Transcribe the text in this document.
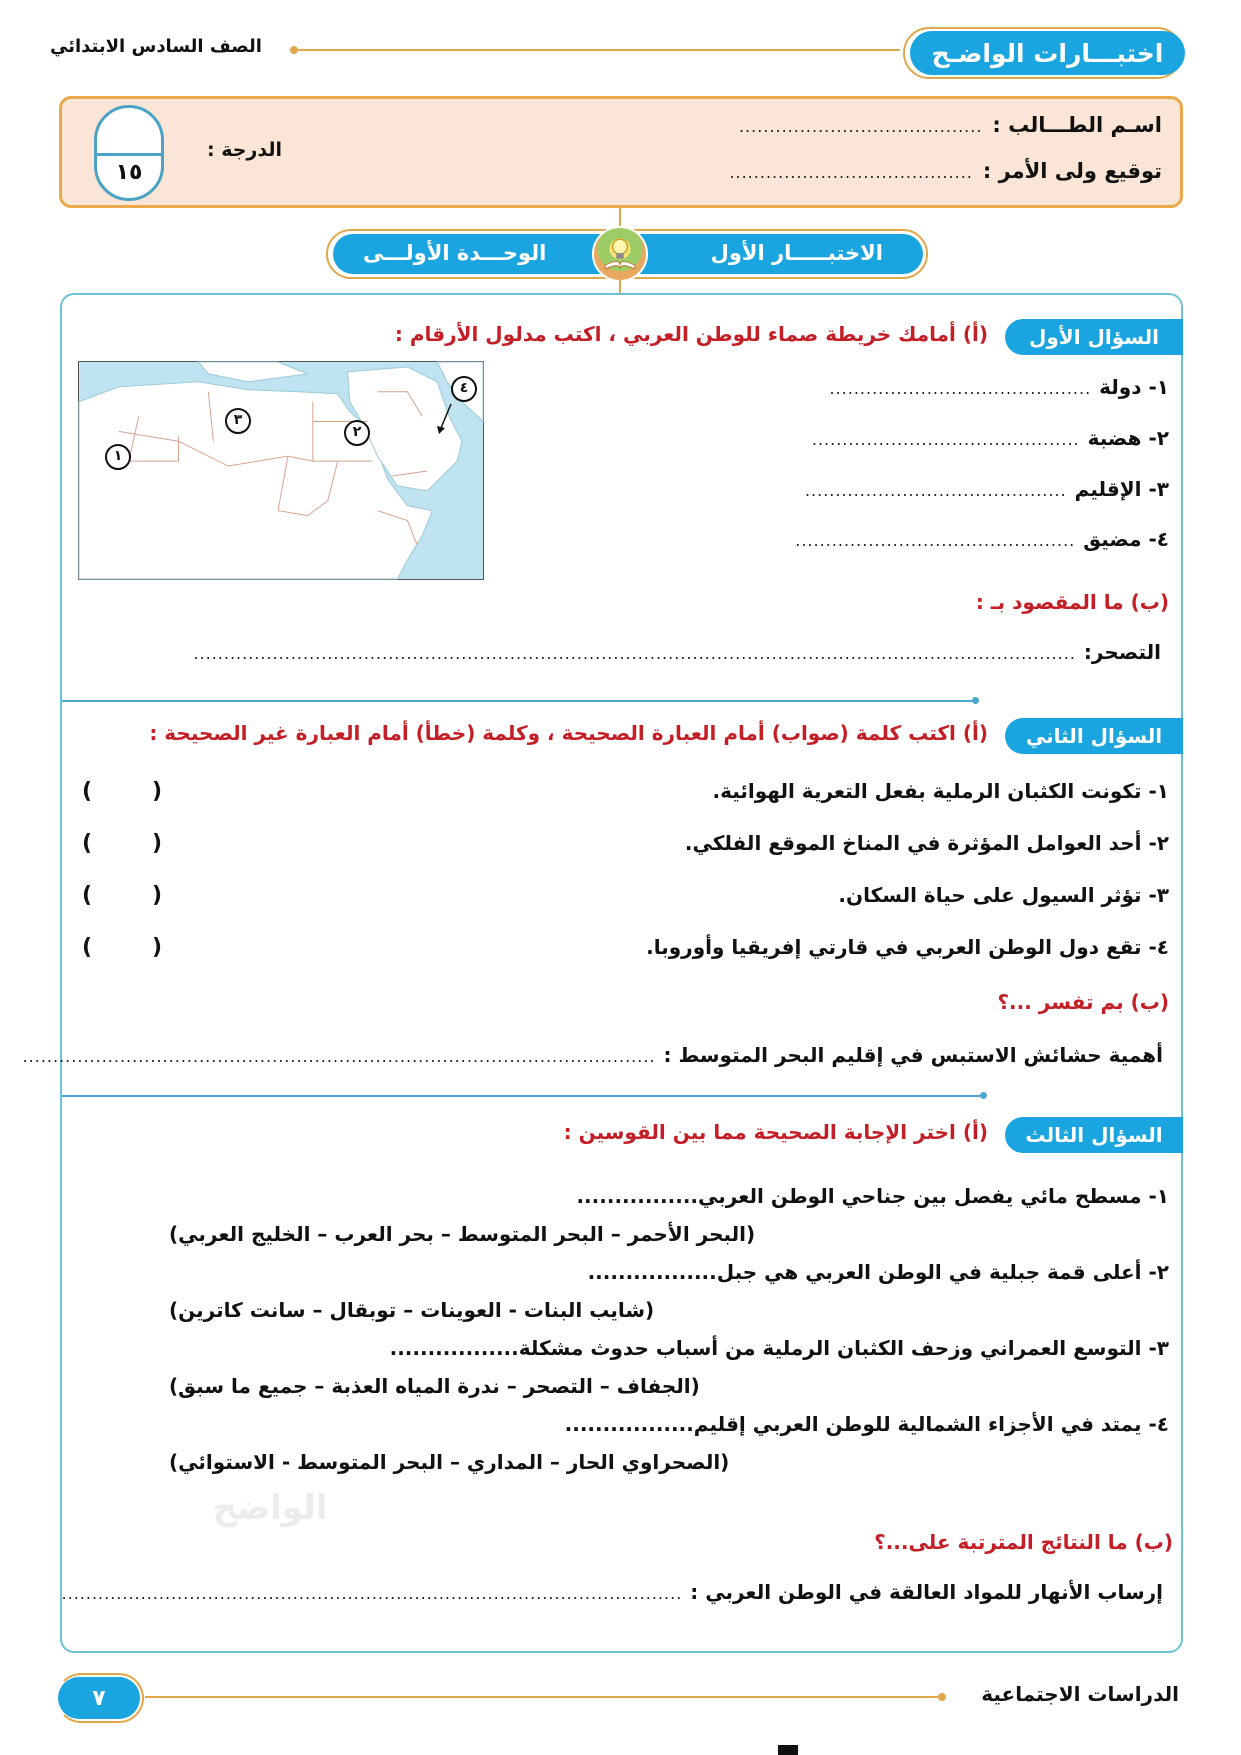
الواضح
اختبـــارات الواضـح
الصف السادس الابتدائي
اسـم الطـــالب :
........................................
توقيع ولى الأمر :
........................................
الدرجة :
١٥
الاختبـــــار الأول
الوحـــدة الأولـــى
السؤال الأول
(أ) أمامك خريطة صماء للوطن العربي ، اكتب مدلول الأرقام :
١
٢
٣
٤	١- دولة
...........................................
٢- هضبة
............................................
٣- الإقليم
...........................................
٤- مضيق
..............................................
(ب) ما المقصود بـ :
التصحر:
.................................................................................................................................................
السؤال الثاني
(أ) اكتب كلمة (صواب) أمام العبارة الصحيحة ، وكلمة (خطأ) أمام العبارة غير الصحيحة :
١- تكونت الكثبان الرملية بفعل التعرية الهوائية.
(	)
٢- أحد العوامل المؤثرة في المناخ الموقع الفلكي.
(	)
٣- تؤثر السيول على حياة السكان.
(	)
٤- تقع دول الوطن العربي في قارتي إفريقيا وأوروبا.
(	)
(ب) بم تفسر ...؟
أهمية حشائش الاستبس في إقليم البحر المتوسط :
........................................................................................................
السؤال الثالث
(أ) اختر الإجابة الصحيحة مما بين القوسين :
١- مسطح مائي يفصل بين جناحي الوطن العربي................
(البحر الأحمر – البحر المتوسط – بحر العرب – الخليج العربي)
٢- أعلى قمة جبلية في الوطن العربي هي جبل.................
(شايب البنات - العوينات – توبقال – سانت كاترين)
٣- التوسع العمراني وزحف الكثبان الرملية من أسباب حدوث مشكلة.................
(الجفاف – التصحر – ندرة المياه العذبة – جميع ما سبق)
٤- يمتد في الأجزاء الشمالية للوطن العربي إقليم.................
(الصحراوي الحار – المداري – البحر المتوسط - الاستوائي)
(ب) ما النتائج المترتبة على...؟
إرساب الأنهار للمواد العالقة في الوطن العربي :
......................................................................................................
الدراسات الاجتماعية
٧
